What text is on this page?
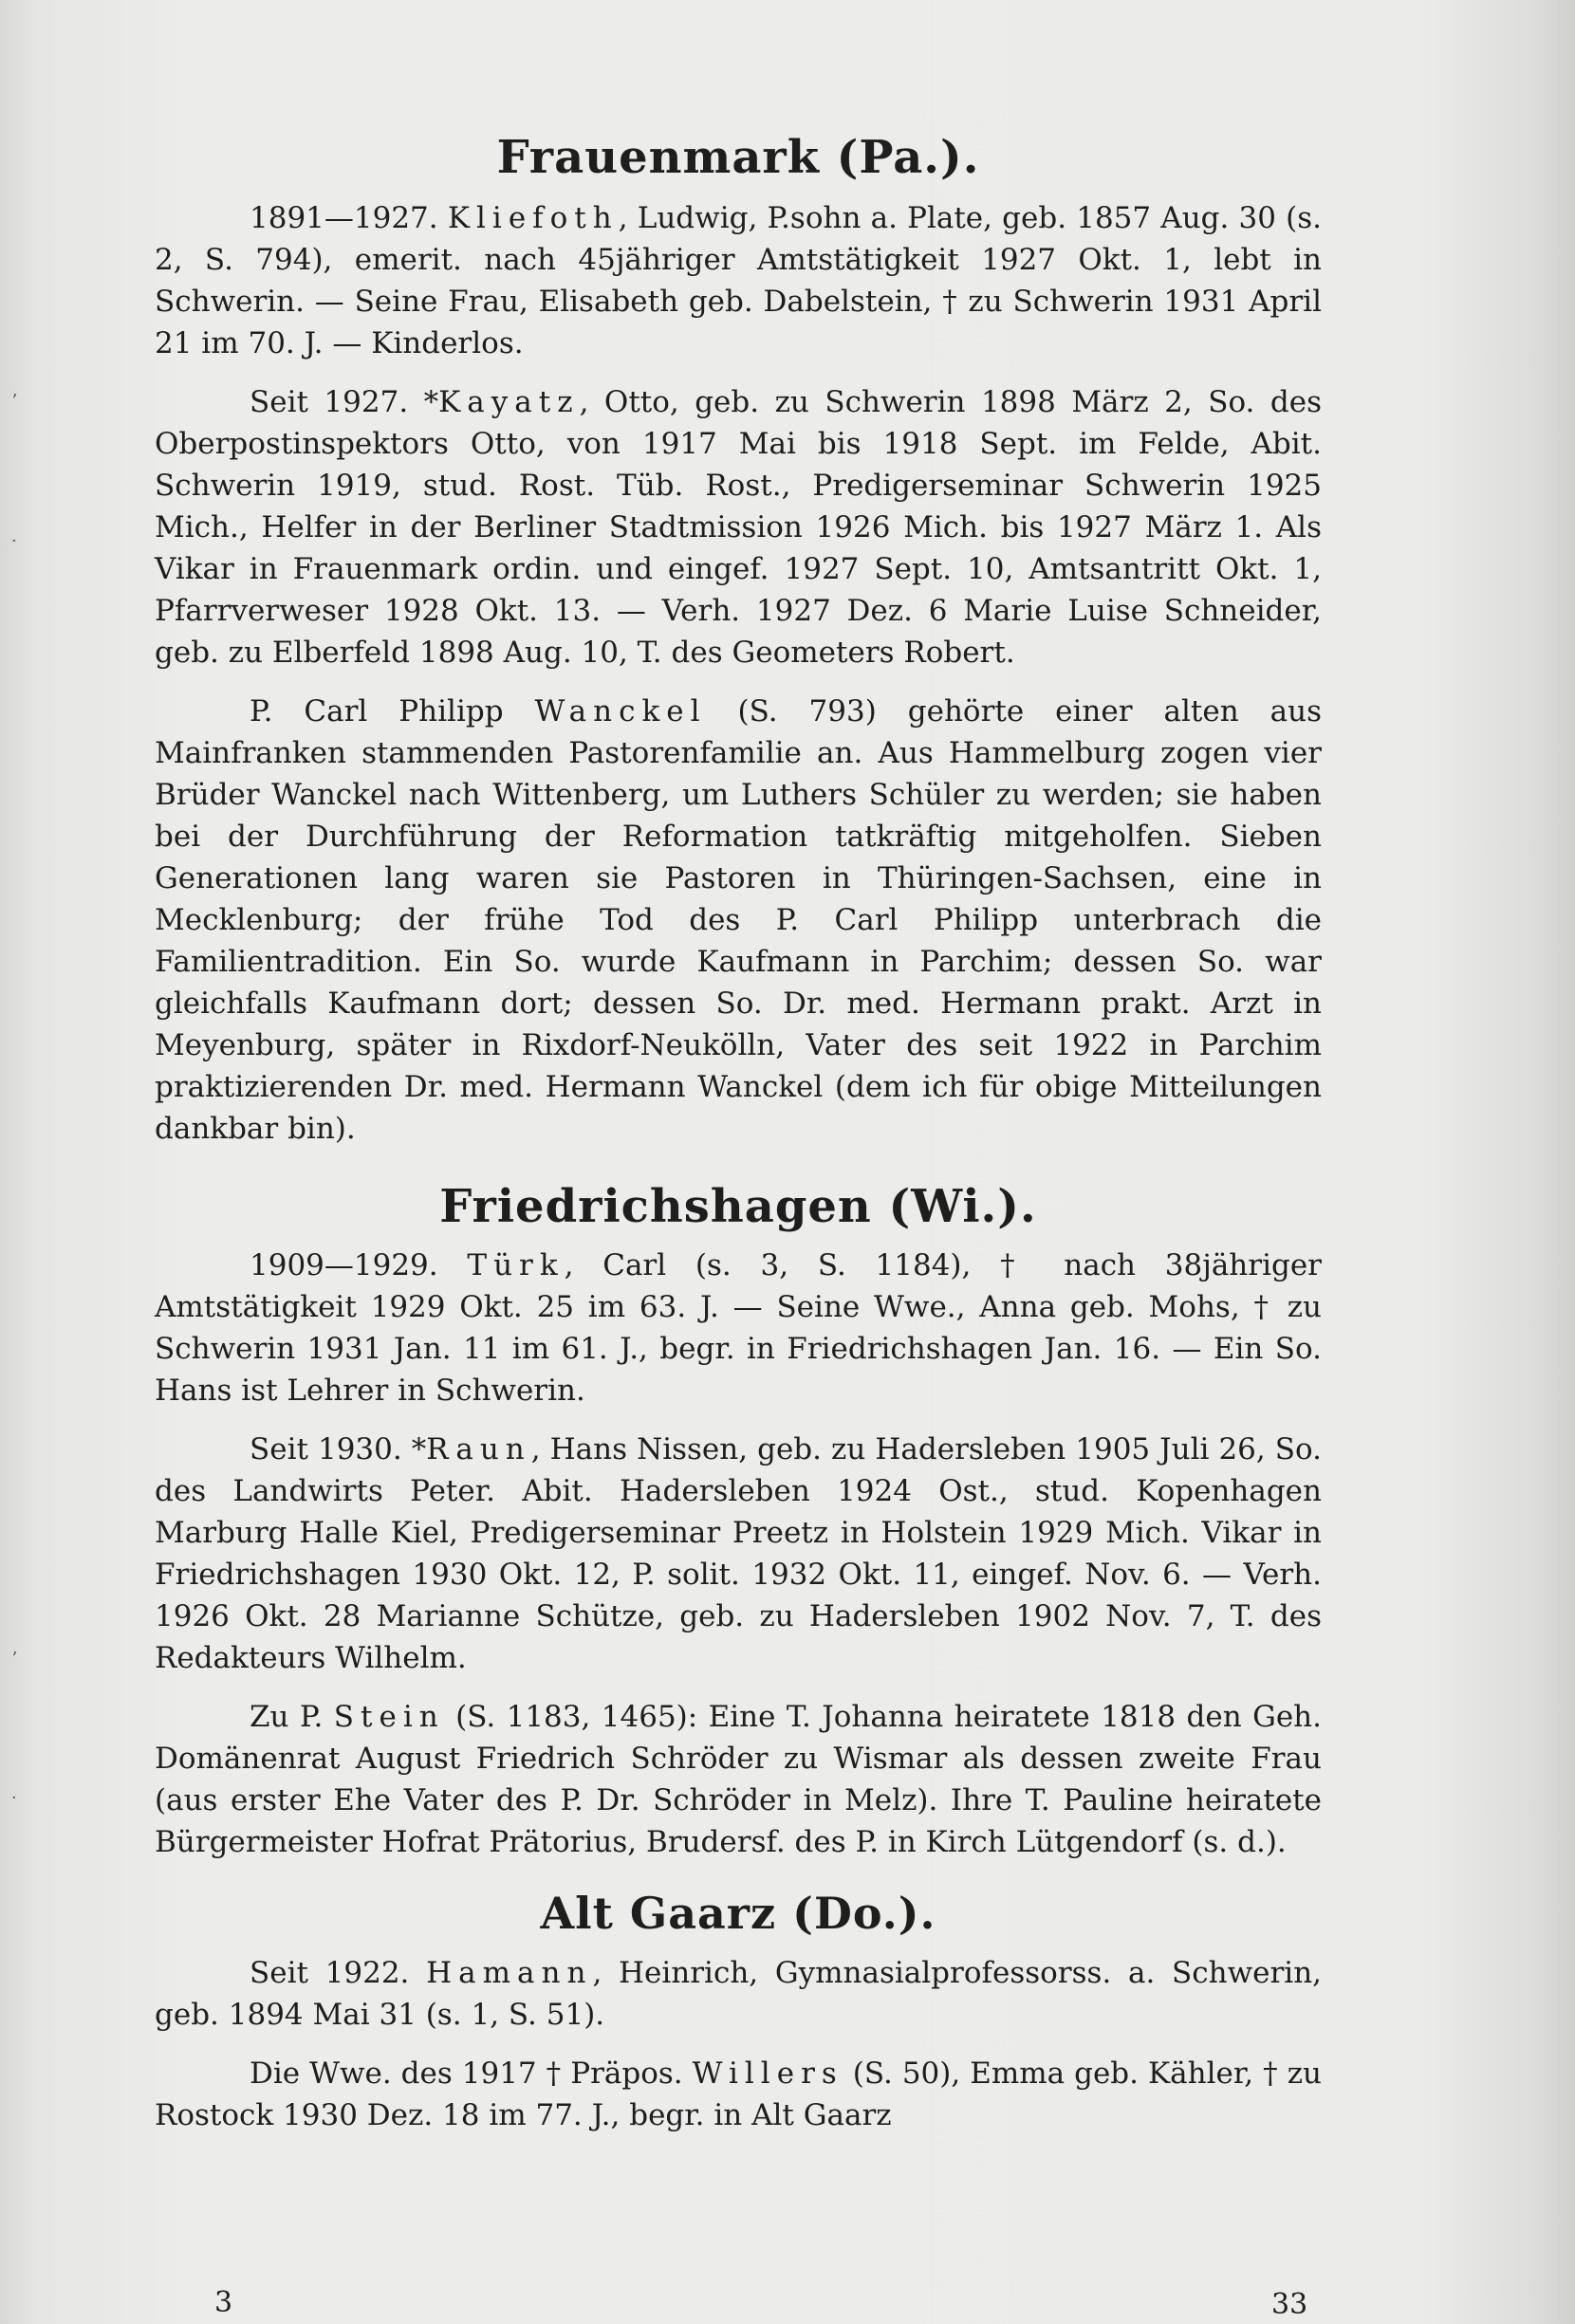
ʼ
·
ʼ
·
Frauenmark (Pa.).

1891—1927. Kliefoth, Ludwig, P.sohn a. Plate, geb. 1857 Aug. 30 (s. 2, S. 794), emerit. nach 45jähriger Amtstätigkeit 1927 Okt. 1, lebt in Schwerin. — Seine Frau, Elisabeth geb. Dabelstein, † zu Schwerin 1931 April 21 im 70. J. — Kinderlos.

Seit 1927. *Kayatz, Otto, geb. zu Schwerin 1898 März 2, So. des Oberpostinspektors Otto, von 1917 Mai bis 1918 Sept. im Felde, Abit. Schwerin 1919, stud. Rost. Tüb. Rost., Predigerseminar Schwerin 1925 Mich., Helfer in der Berliner Stadtmission 1926 Mich. bis 1927 März 1. Als Vikar in Frauenmark ordin. und eingef. 1927 Sept. 10, Amtsantritt Okt. 1, Pfarrverweser 1928 Okt. 13. — Verh. 1927 Dez. 6 Marie Luise Schneider, geb. zu Elberfeld 1898 Aug. 10, T. des Geometers Robert.

P. Carl Philipp Wanckel (S. 793) gehörte einer alten aus Mainfranken stammenden Pastorenfamilie an. Aus Hammelburg zogen vier Brüder Wanckel nach Wittenberg, um Luthers Schüler zu werden; sie haben bei der Durchführung der Reformation tatkräftig mitgeholfen. Sieben Generationen lang waren sie Pastoren in Thüringen-Sachsen, eine in Mecklenburg; der frühe Tod des P. Carl Philipp unterbrach die Familientradition. Ein So. wurde Kaufmann in Parchim; dessen So. war gleichfalls Kaufmann dort; dessen So. Dr. med. Hermann prakt. Arzt in Meyenburg, später in Rixdorf-Neukölln, Vater des seit 1922 in Parchim praktizierenden Dr. med. Hermann Wanckel (dem ich für obige Mitteilungen dankbar bin).

Friedrichshagen (Wi.).

1909—1929. Türk, Carl (s. 3, S. 1184), † nach 38jähriger Amtstätigkeit 1929 Okt. 25 im 63. J. — Seine Wwe., Anna geb. Mohs, † zu Schwerin 1931 Jan. 11 im 61. J., begr. in Friedrichshagen Jan. 16. — Ein So. Hans ist Lehrer in Schwerin.

Seit 1930. *Raun, Hans Nissen, geb. zu Hadersleben 1905 Juli 26, So. des Landwirts Peter. Abit. Hadersleben 1924 Ost., stud. Kopenhagen Marburg Halle Kiel, Predigerseminar Preetz in Holstein 1929 Mich. Vikar in Friedrichshagen 1930 Okt. 12, P. solit. 1932 Okt. 11, eingef. Nov. 6. — Verh. 1926 Okt. 28 Marianne Schütze, geb. zu Hadersleben 1902 Nov. 7, T. des Redakteurs Wilhelm.

Zu P. Stein (S. 1183, 1465): Eine T. Johanna heiratete 1818 den Geh. Domänenrat August Friedrich Schröder zu Wismar als dessen zweite Frau (aus erster Ehe Vater des P. Dr. Schröder in Melz). Ihre T. Pauline heiratete Bürgermeister Hofrat Prätorius, Brudersf. des P. in Kirch Lütgendorf (s. d.).

Alt Gaarz (Do.).

Seit 1922. Hamann, Heinrich, Gymnasialprofessorss. a. Schwerin, geb. 1894 Mai 31 (s. 1, S. 51).

Die Wwe. des 1917 † Präpos. Willers (S. 50), Emma geb. Kähler, † zu Rostock 1930 Dez. 18 im 77. J., begr. in Alt Gaarz

3	33
